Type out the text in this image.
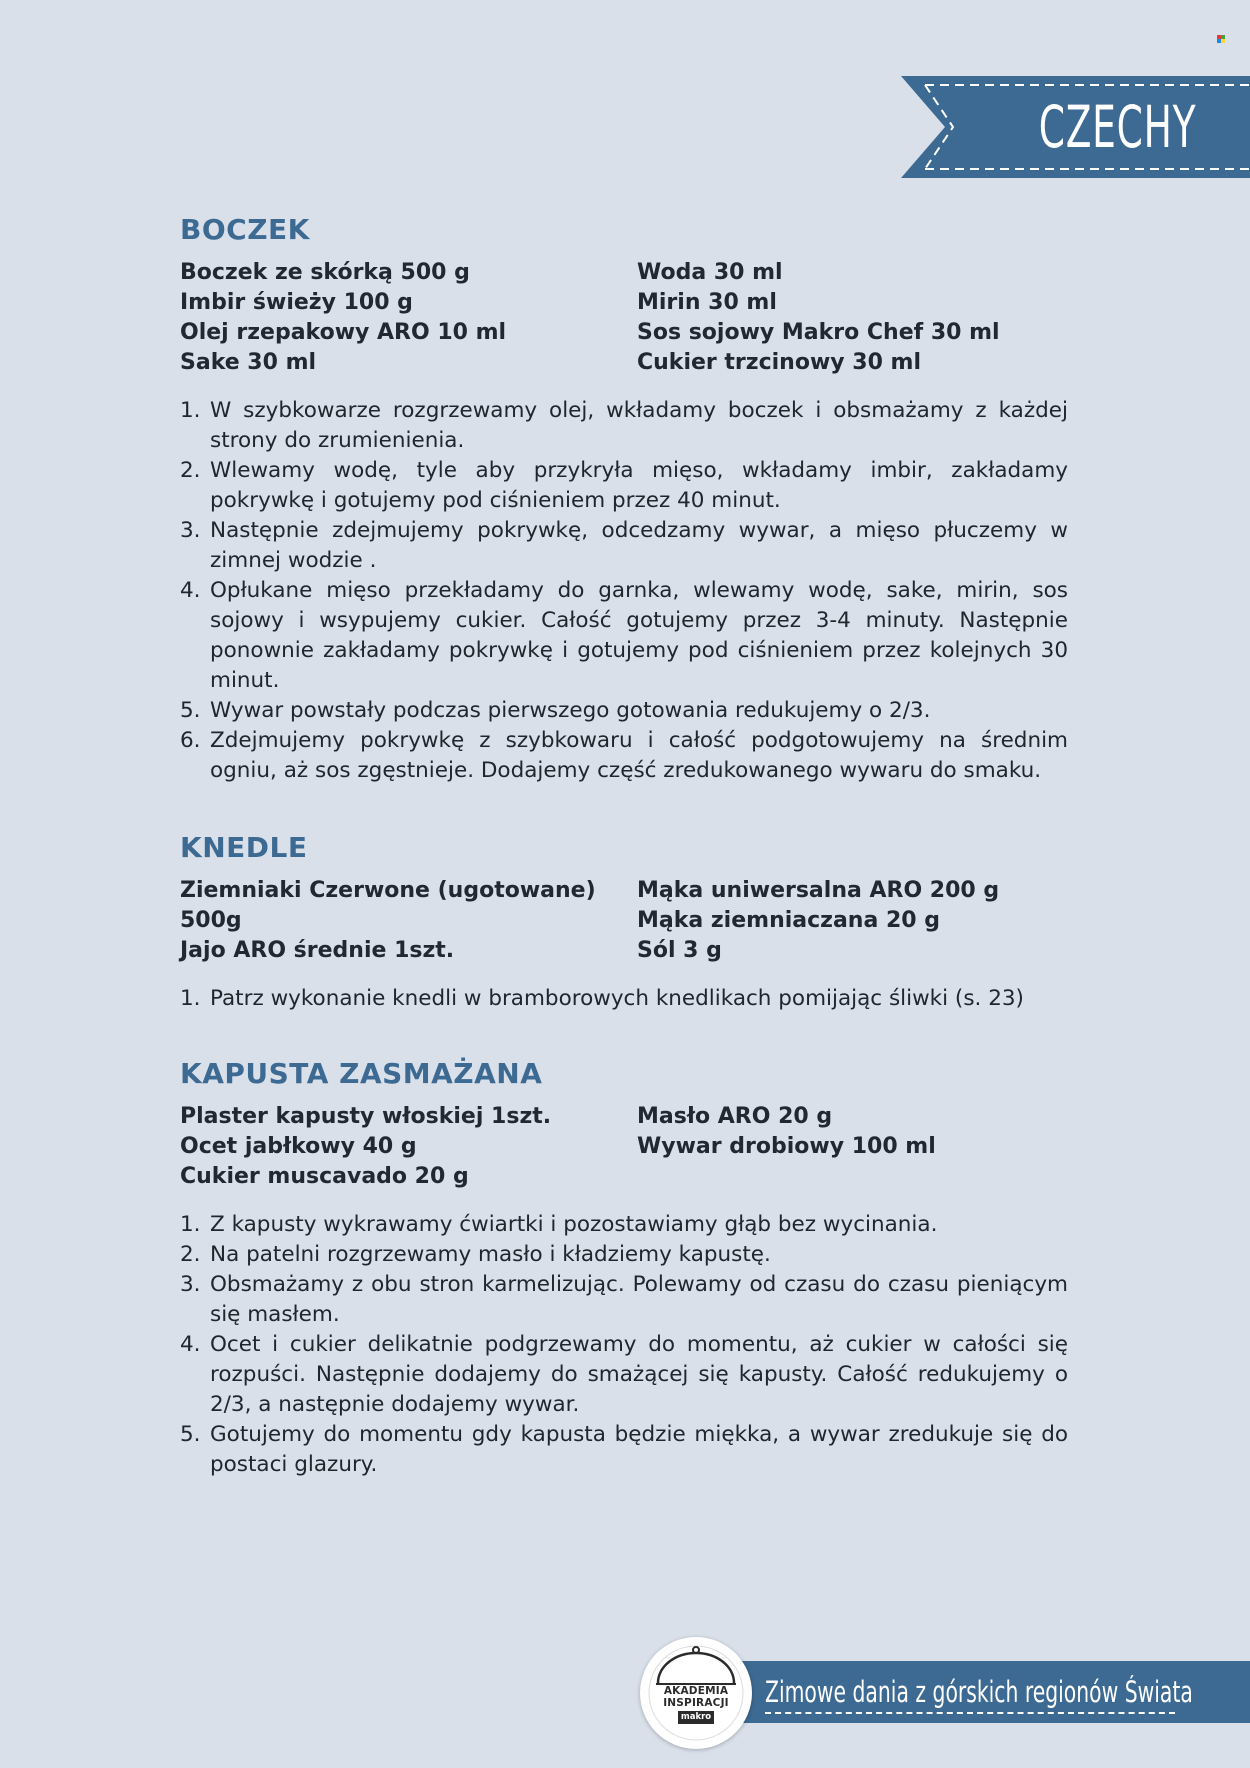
CZECHY
BOCZEK
Boczek ze skórką 500 g
Imbir świeży 100 g
Olej rzepakowy ARO 10 ml
Sake 30 ml
Woda 30 ml
Mirin 30 ml
Sos sojowy Makro Chef 30 ml
Cukier trzcinowy 30 ml
1. W szybkowarze rozgrzewamy olej, wkładamy boczek i obsmażamy z każdej strony do zrumienienia.
2. Wlewamy wodę, tyle aby przykryła mięso, wkładamy imbir, zakładamy pokrywkę i gotujemy pod ciśnieniem przez 40 minut.
3. Następnie zdejmujemy pokrywkę, odcedzamy wywar, a mięso płuczemy w zimnej wodzie .
4. Opłukane mięso przekładamy do garnka, wlewamy wodę, sake, mirin, sos sojowy i wsypujemy cukier. Całość gotujemy przez 3-4 minuty. Następnie ponownie zakładamy pokrywkę i gotujemy pod ciśnieniem przez kolejnych 30 minut.
5. Wywar powstały podczas pierwszego gotowania redukujemy o 2/3.
6. Zdejmujemy pokrywkę z szybkowaru i całość podgotowujemy na średnim ogniu, aż sos zgęstnieje. Dodajemy część zredukowanego wywaru do smaku.
KNEDLE
Ziemniaki Czerwone (ugotowane)
500g
Jajo ARO średnie 1szt.
Mąka uniwersalna ARO 200 g
Mąka ziemniaczana 20 g
Sól 3 g
1. Patrz wykonanie knedli w bramborowych knedlikach pomijając śliwki (s. 23)
KAPUSTA ZASMAŻANA
Plaster kapusty włoskiej 1szt.
Ocet jabłkowy 40 g
Cukier muscavado 20 g
Masło ARO 20 g
Wywar drobiowy 100 ml
1. Z kapusty wykrawamy ćwiartki i pozostawiamy głąb bez wycinania.
2. Na patelni rozgrzewamy masło i kładziemy kapustę.
3. Obsmażamy z obu stron karmelizując. Polewamy od czasu do czasu pieniącym się masłem.
4. Ocet i cukier delikatnie podgrzewamy do momentu, aż cukier w całości się rozpuści. Następnie dodajemy do smażącej się kapusty. Całość redukujemy o 2/3, a następnie dodajemy wywar.
5. Gotujemy do momentu gdy kapusta będzie miękka, a wywar zredukuje się do postaci glazury.
Zimowe dania z górskich regionów Świata
AKADEMIA
INSPIRACJI
makro
